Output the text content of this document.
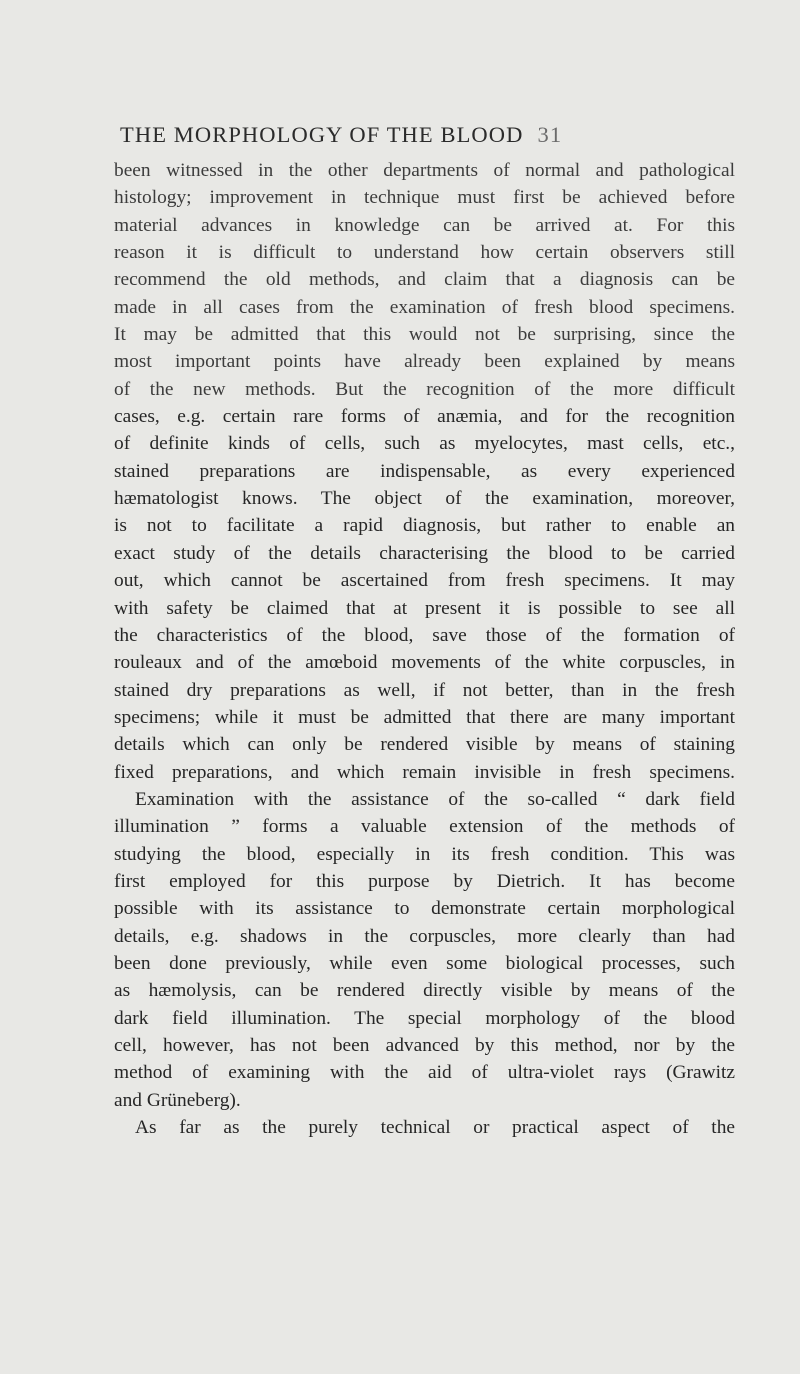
THE MORPHOLOGY OF THE BLOOD 31

been witnessed in the other departments of normal and pathological
histology; improvement in technique must first be achieved before
material advances in knowledge can be arrived at. For this
reason it is difficult to understand how certain observers still
recommend the old methods, and claim that a diagnosis can be
made in all cases from the examination of fresh blood specimens.
It may be admitted that this would not be surprising, since the
most important points have already been explained by means
of the new methods. But the recognition of the more difficult
cases, e.g. certain rare forms of anæmia, and for the recognition
of definite kinds of cells, such as myelocytes, mast cells, etc.,
stained preparations are indispensable, as every experienced
hæmatologist knows. The object of the examination, moreover,
is not to facilitate a rapid diagnosis, but rather to enable an
exact study of the details characterising the blood to be carried
out, which cannot be ascertained from fresh specimens. It may
with safety be claimed that at present it is possible to see all
the characteristics of the blood, save those of the formation of
rouleaux and of the amœboid movements of the white corpuscles, in
stained dry preparations as well, if not better, than in the fresh
specimens; while it must be admitted that there are many important
details which can only be rendered visible by means of staining
fixed preparations, and which remain invisible in fresh specimens.
Examination with the assistance of the so-called “ dark field
illumination ” forms a valuable extension of the methods of
studying the blood, especially in its fresh condition. This was
first employed for this purpose by Dietrich. It has become
possible with its assistance to demonstrate certain morphological
details, e.g. shadows in the corpuscles, more clearly than had
been done previously, while even some biological processes, such
as hæmolysis, can be rendered directly visible by means of the
dark field illumination. The special morphology of the blood
cell, however, has not been advanced by this method, nor by the
method of examining with the aid of ultra-violet rays (Grawitz
and Grüneberg).

As far as the purely technical or practical aspect of the
